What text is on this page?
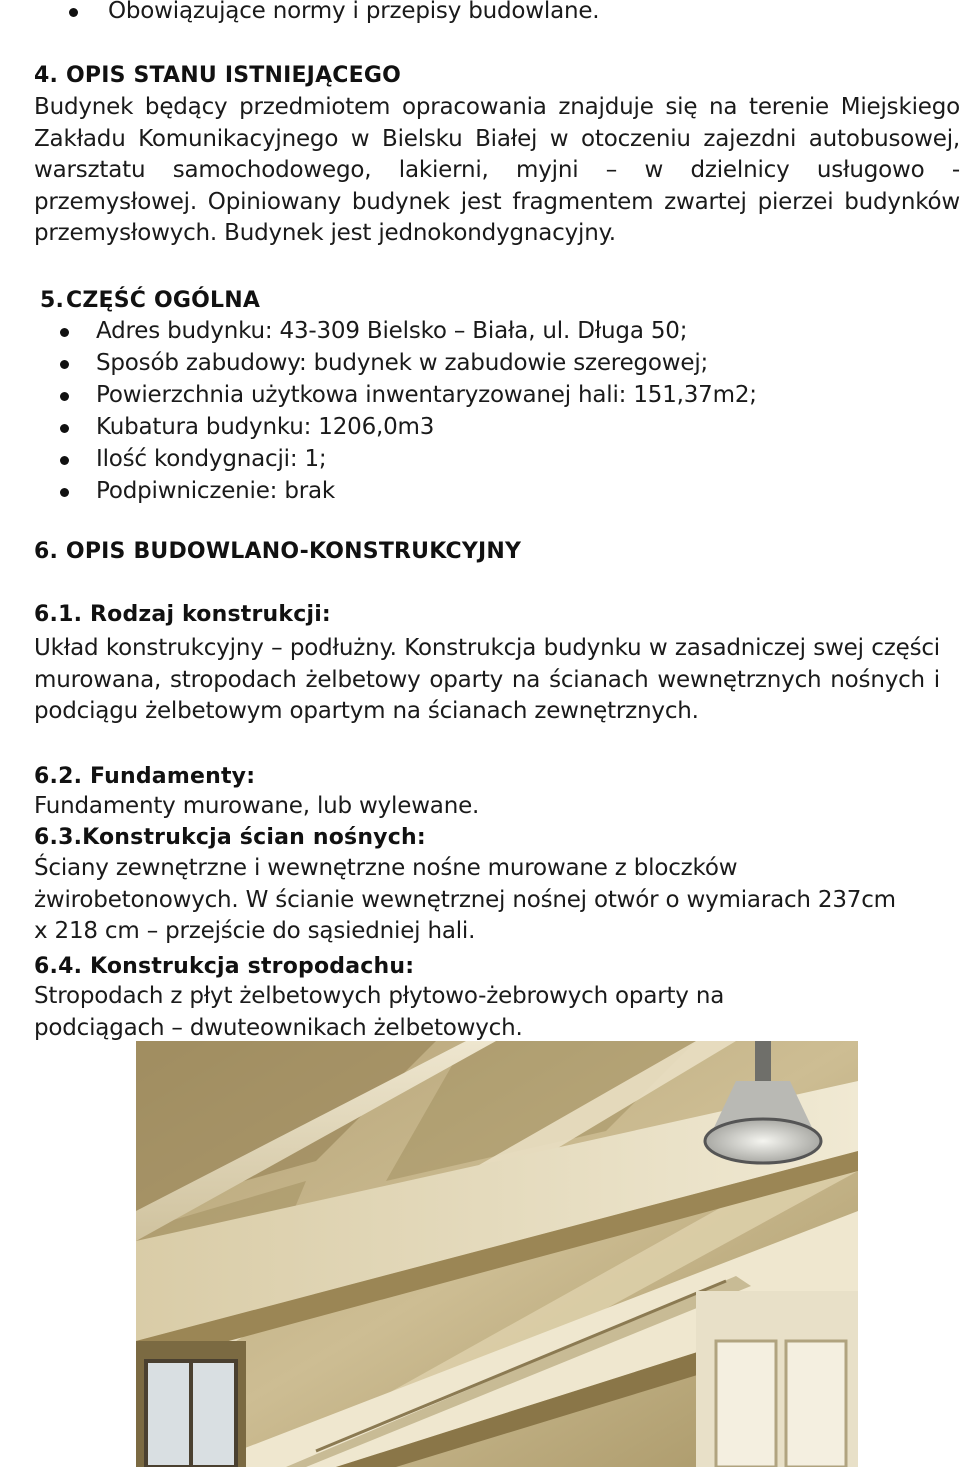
Obowiązujące normy i przepisy budowlane.
4. OPIS STANU ISTNIEJĄCEGO
Budynek będący przedmiotem opracowania znajduje się na terenie Miejskiego Zakładu Komunikacyjnego w Bielsku Białej w otoczeniu zajezdni autobusowej, warsztatu samochodowego, lakierni, myjni – w dzielnicy usługowo - przemysłowej. Opiniowany budynek jest fragmentem zwartej pierzei budynków przemysłowych. Budynek jest jednokondygnacyjny.
5. CZĘŚĆ OGÓLNA
Adres budynku: 43-309 Bielsko – Biała, ul. Długa 50;
Sposób zabudowy: budynek w zabudowie szeregowej;
Powierzchnia użytkowa inwentaryzowanej hali: 151,37m2;
Kubatura budynku: 1206,0m3
Ilość kondygnacji: 1;
Podpiwniczenie: brak
6. OPIS BUDOWLANO-KONSTRUKCYJNY
6.1. Rodzaj konstrukcji:
Układ konstrukcyjny – podłużny. Konstrukcja budynku w zasadniczej swej części murowana, stropodach żelbetowy oparty na ścianach wewnętrznych nośnych i podciągu żelbetowym opartym na ścianach zewnętrznych.
6.2. Fundamenty:
Fundamenty murowane, lub wylewane.
6.3.Konstrukcja ścian nośnych:
Ściany zewnętrzne i wewnętrzne nośne murowane z bloczków żwirobetonowych. W ścianie wewnętrznej nośnej otwór o wymiarach 237cm x 218 cm – przejście do sąsiedniej hali.
6.4. Konstrukcja stropodachu:
Stropodach z płyt żelbetowych płytowo-żebrowych oparty na podciągach – dwuteownikach żelbetowych.
